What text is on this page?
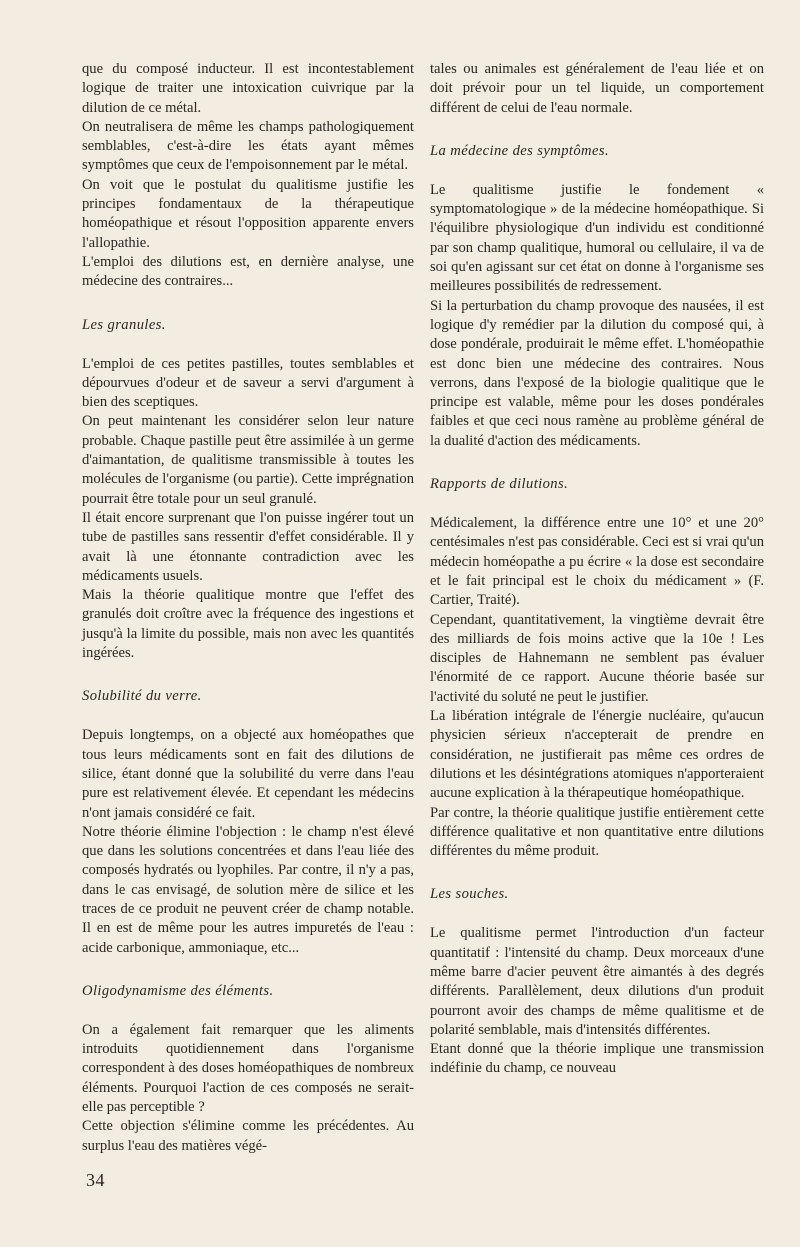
que du composé inducteur. Il est incontestablement logique de traiter une intoxication cuivrique par la dilution de ce métal.

On neutralisera de même les champs pathologiquement semblables, c'est-à-dire les états ayant mêmes symptômes que ceux de l'empoisonnement par le métal.

On voit que le postulat du qualitisme justifie les principes fondamentaux de la thérapeutique homéopathique et résout l'opposition apparente envers l'allopathie.

L'emploi des dilutions est, en dernière analyse, une médecine des contraires...

Les granules.

L'emploi de ces petites pastilles, toutes semblables et dépourvues d'odeur et de saveur a servi d'argument à bien des sceptiques.

On peut maintenant les considérer selon leur nature probable. Chaque pastille peut être assimilée à un germe d'aimantation, de qualitisme transmissible à toutes les molécules de l'organisme (ou partie). Cette imprégnation pourrait être totale pour un seul granulé.

Il était encore surprenant que l'on puisse ingérer tout un tube de pastilles sans ressentir d'effet considérable. Il y avait là une étonnante contradiction avec les médicaments usuels.

Mais la théorie qualitique montre que l'effet des granulés doit croître avec la fréquence des ingestions et jusqu'à la limite du possible, mais non avec les quantités ingérées.

Solubilité du verre.

Depuis longtemps, on a objecté aux homéopathes que tous leurs médicaments sont en fait des dilutions de silice, étant donné que la solubilité du verre dans l'eau pure est relativement élevée. Et cependant les médecins n'ont jamais considéré ce fait.

Notre théorie élimine l'objection : le champ n'est élevé que dans les solutions concentrées et dans l'eau liée des composés hydratés ou lyophiles. Par contre, il n'y a pas, dans le cas envisagé, de solution mère de silice et les traces de ce produit ne peuvent créer de champ notable. Il en est de même pour les autres impuretés de l'eau : acide carbonique, ammoniaque, etc...

Oligodynamisme des éléments.

On a également fait remarquer que les aliments introduits quotidiennement dans l'organisme correspondent à des doses homéopathiques de nombreux éléments. Pourquoi l'action de ces composés ne serait-elle pas perceptible ?

Cette objection s'élimine comme les précédentes. Au surplus l'eau des matières végé-

tales ou animales est généralement de l'eau liée et on doit prévoir pour un tel liquide, un comportement différent de celui de l'eau normale.

La médecine des symptômes.

Le qualitisme justifie le fondement « symptomatologique » de la médecine homéopathique. Si l'équilibre physiologique d'un individu est conditionné par son champ qualitique, humoral ou cellulaire, il va de soi qu'en agissant sur cet état on donne à l'organisme ses meilleures possibilités de redressement.

Si la perturbation du champ provoque des nausées, il est logique d'y remédier par la dilution du composé qui, à dose pondérale, produirait le même effet. L'homéopathie est donc bien une médecine des contraires. Nous verrons, dans l'exposé de la biologie qualitique que le principe est valable, même pour les doses pondérales faibles et que ceci nous ramène au problème général de la dualité d'action des médicaments.

Rapports de dilutions.

Médicalement, la différence entre une 10° et une 20° centésimales n'est pas considérable. Ceci est si vrai qu'un médecin homéopathe a pu écrire « la dose est secondaire et le fait principal est le choix du médicament » (F. Cartier, Traité).

Cependant, quantitativement, la vingtième devrait être des milliards de fois moins active que la 10e ! Les disciples de Hahnemann ne semblent pas évaluer l'énormité de ce rapport. Aucune théorie basée sur l'activité du soluté ne peut le justifier.

La libération intégrale de l'énergie nucléaire, qu'aucun physicien sérieux n'accepterait de prendre en considération, ne justifierait pas même ces ordres de dilutions et les désintégrations atomiques n'apporteraient aucune explication à la thérapeutique homéopathique.

Par contre, la théorie qualitique justifie entièrement cette différence qualitative et non quantitative entre dilutions différentes du même produit.

Les souches.

Le qualitisme permet l'introduction d'un facteur quantitatif : l'intensité du champ. Deux morceaux d'une même barre d'acier peuvent être aimantés à des degrés différents. Parallèlement, deux dilutions d'un produit pourront avoir des champs de même qualitisme et de polarité semblable, mais d'intensités différentes.

Etant donné que la théorie implique une transmission indéfinie du champ, ce nouveau

34
